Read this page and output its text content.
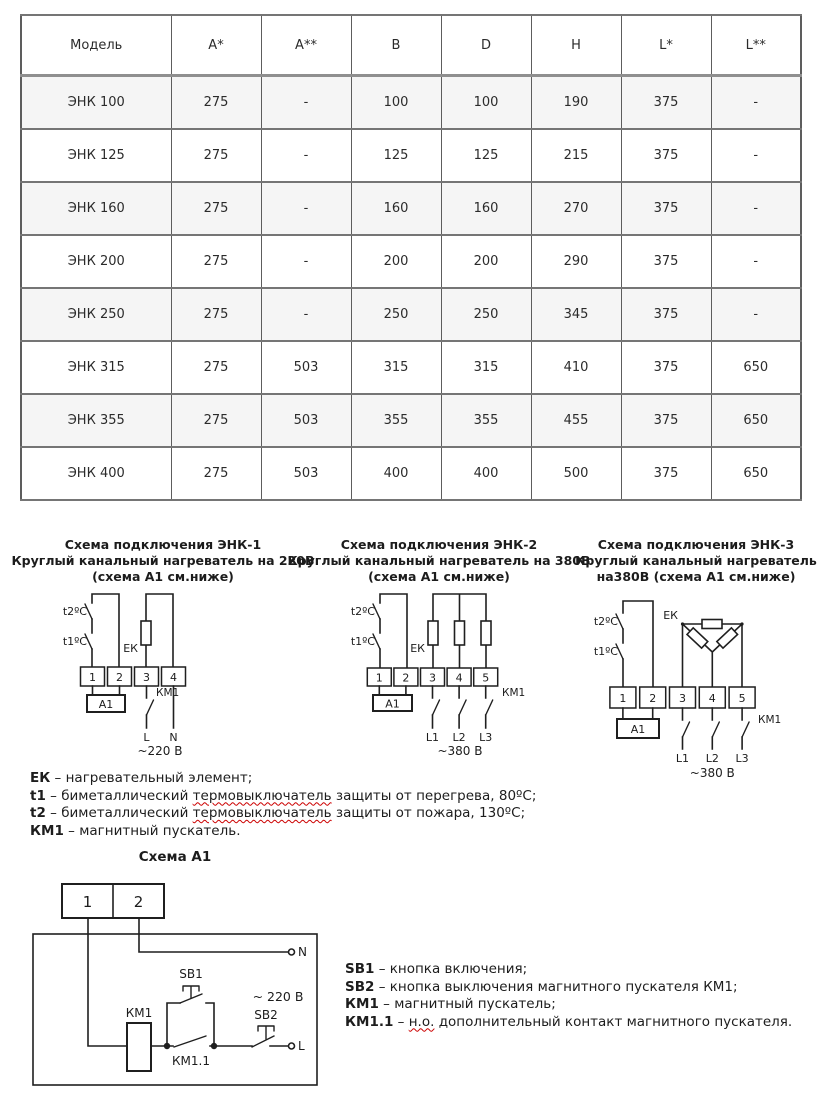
Модель	A*	A**	B	D	H	L*	L**
ЭНК 100	275	-	100	100	190	375	-
ЭНК 125	275	-	125	125	215	375	-
ЭНК 160	275	-	160	160	270	375	-
ЭНК 200	275	-	200	200	290	375	-
ЭНК 250	275	-	250	250	345	375	-
ЭНК 315	275	503	315	315	410	375	650
ЭНК 355	275	503	355	355	455	375	650
ЭНК 400	275	503	400	400	500	375	650
Схема подключения ЭНК-1
Круглый канальный нагреватель на 220В
(схема А1 см.ниже)
Схема подключения ЭНК-2
Круглый канальный нагреватель на 380В
(схема А1 см.ниже)
Схема подключения ЭНК-3
Круглый канальный нагреватель
на380В (схема А1 см.ниже)
t2ºC
t1ºC
ЕК
1 2 3 4
А1
КМ1
L N
~220 В
t2ºC
t1ºC
ЕК
1 2 3 4 5
А1
КМ1
L1 L2 L3
~380 В
t2ºC
t1ºC
ЕК
1 2 3 4 5
А1
КМ1
L1 L2 L3
~380 В
ЕК – нагревательный элемент;
t1 – биметаллический термовыключатель защиты от перегрева, 80ºС;
t2 – биметаллический термовыключатель защиты от пожара, 130ºС;
КМ1 – магнитный пускатель.
Схема А1
1	2
N
КМ1
КМ1.1
SB1
SB2
L
~ 220 В
SB1 – кнопка включения;
SB2 – кнопка выключения магнитного пускателя КМ1;
КМ1 – магнитный пускатель;
КМ1.1 – н.о. дополнительный контакт магнитного пускателя.
